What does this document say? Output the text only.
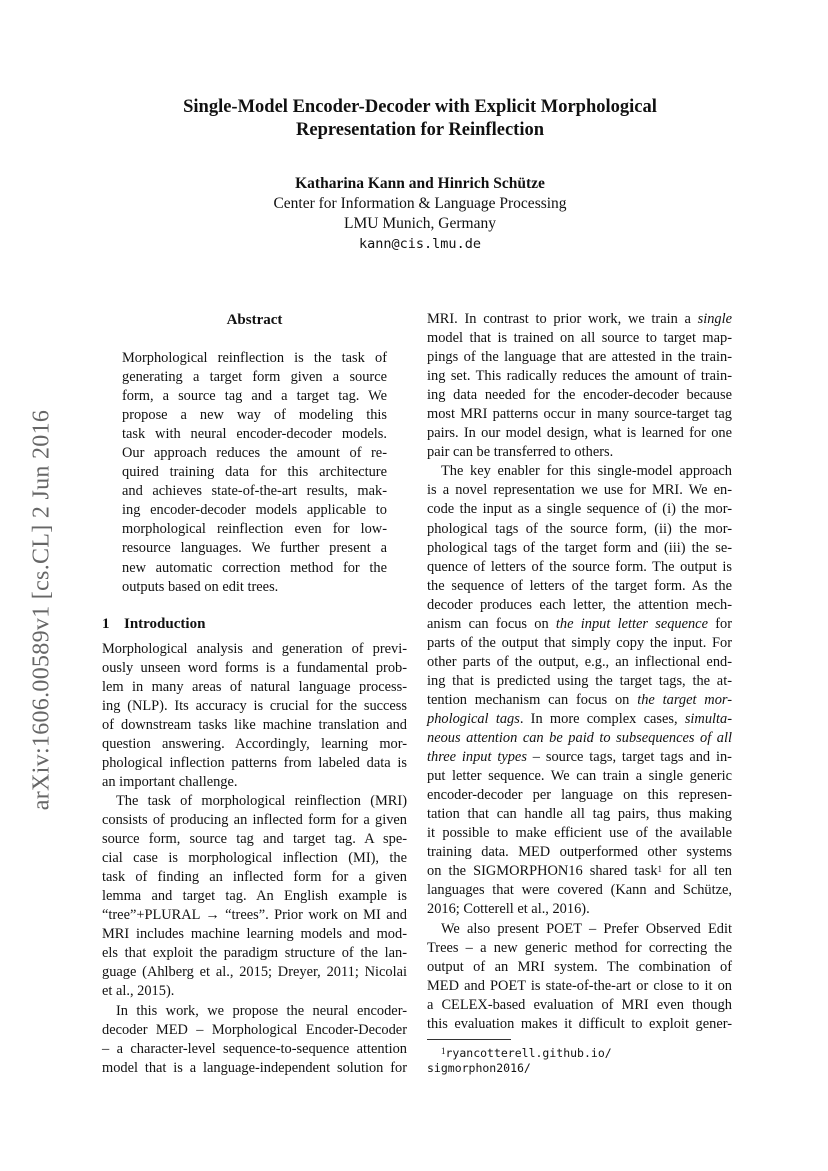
arXiv:1606.00589v1 [cs.CL] 2 Jun 2016
Single-Model Encoder-Decoder with Explicit Morphological
Representation for Reinflection
Katharina Kann and Hinrich Schütze
Center for Information & Language Processing
LMU Munich, Germany
kann@cis.lmu.de
Abstract
Morphological reinflection is the task of
generating a target form given a source
form, a source tag and a target tag. We
propose a new way of modeling this
task with neural encoder-decoder models.
Our approach reduces the amount of re-
quired training data for this architecture
and achieves state-of-the-art results, mak-
ing encoder-decoder models applicable to
morphological reinflection even for low-
resource languages. We further present a
new automatic correction method for the
outputs based on edit trees.
1 Introduction
Morphological analysis and generation of previ-
ously unseen word forms is a fundamental prob-
lem in many areas of natural language process-
ing (NLP). Its accuracy is crucial for the success
of downstream tasks like machine translation and
question answering. Accordingly, learning mor-
phological inflection patterns from labeled data is
an important challenge.
The task of morphological reinflection (MRI)
consists of producing an inflected form for a given
source form, source tag and target tag. A spe-
cial case is morphological inflection (MI), the
task of finding an inflected form for a given
lemma and target tag. An English example is
“tree”+PLURAL → “trees”. Prior work on MI and
MRI includes machine learning models and mod-
els that exploit the paradigm structure of the lan-
guage (Ahlberg et al., 2015; Dreyer, 2011; Nicolai
et al., 2015).
In this work, we propose the neural encoder-
decoder MED – Morphological Encoder-Decoder
– a character-level sequence-to-sequence attention
model that is a language-independent solution for
MRI. In contrast to prior work, we train a single
model that is trained on all source to target map-
pings of the language that are attested in the train-
ing set. This radically reduces the amount of train-
ing data needed for the encoder-decoder because
most MRI patterns occur in many source-target tag
pairs. In our model design, what is learned for one
pair can be transferred to others.
The key enabler for this single-model approach
is a novel representation we use for MRI. We en-
code the input as a single sequence of (i) the mor-
phological tags of the source form, (ii) the mor-
phological tags of the target form and (iii) the se-
quence of letters of the source form. The output is
the sequence of letters of the target form. As the
decoder produces each letter, the attention mech-
anism can focus on the input letter sequence for
parts of the output that simply copy the input. For
other parts of the output, e.g., an inflectional end-
ing that is predicted using the target tags, the at-
tention mechanism can focus on the target mor-
phological tags. In more complex cases, simulta-
neous attention can be paid to subsequences of all
three input types – source tags, target tags and in-
put letter sequence. We can train a single generic
encoder-decoder per language on this represen-
tation that can handle all tag pairs, thus making
it possible to make efficient use of the available
training data. MED outperformed other systems
on the SIGMORPHON16 shared task$^1$ for all ten
languages that were covered (Kann and Schütze,
2016; Cotterell et al., 2016).
We also present POET – Prefer Observed Edit
Trees – a new generic method for correcting the
output of an MRI system. The combination of
MED and POET is state-of-the-art or close to it on
a CELEX-based evaluation of MRI even though
this evaluation makes it difficult to exploit gener-
$^1$ryancotterell.github.io/
sigmorphon2016/
